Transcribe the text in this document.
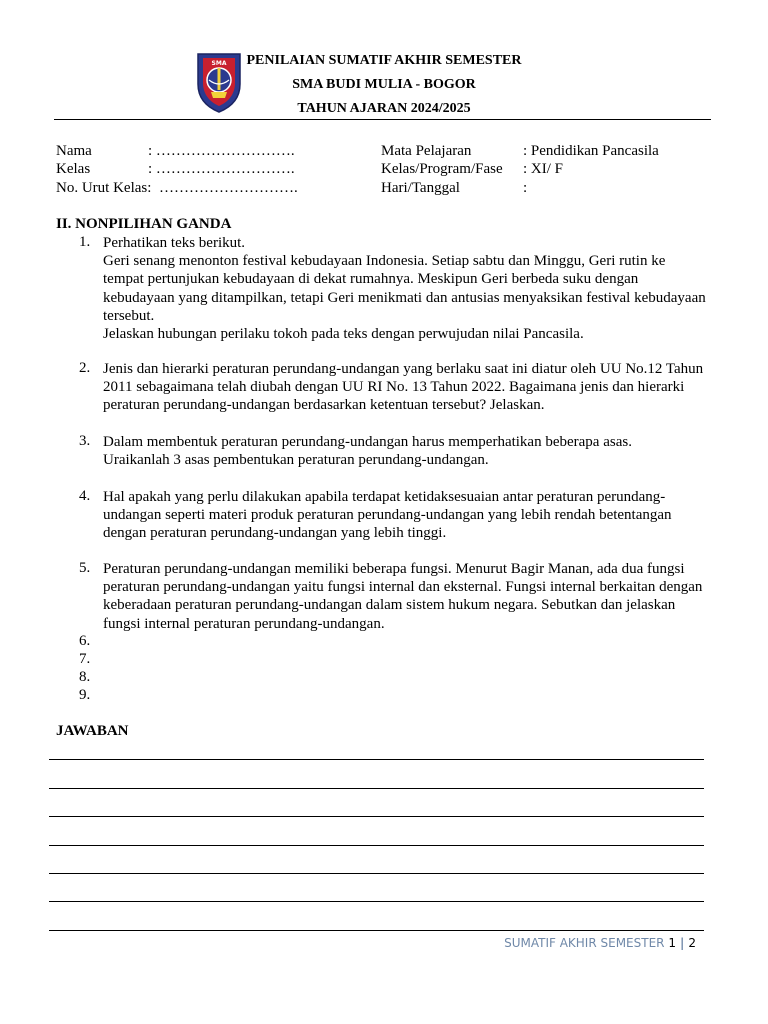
SMA	PENILAIAN SUMATIF AKHIR SEMESTER
SMA BUDI MULIA - BOGOR
TAHUN AJARAN 2024/2025
Nama	: ……………………….
Kelas	: ……………………….
No. Urut Kelas: ……………………….
Mata Pelajaran	: Pendidikan Pancasila
Kelas/Program/Fase : XI/ F
Hari/Tanggal	:
II. NONPILIHAN GANDA
1. Perhatikan teks berikut.
Geri senang menonton festival kebudayaan Indonesia. Setiap sabtu dan Minggu, Geri rutin ke tempat pertunjukan kebudayaan di dekat rumahnya. Meskipun Geri berbeda suku dengan kebudayaan yang ditampilkan, tetapi Geri menikmati dan antusias menyaksikan festival kebudayaan tersebut.
Jelaskan hubungan perilaku tokoh pada teks dengan perwujudan nilai Pancasila.
2. Jenis dan hierarki peraturan perundang-undangan yang berlaku saat ini diatur oleh UU No.12 Tahun 2011 sebagaimana telah diubah dengan UU RI No. 13 Tahun 2022. Bagaimana jenis dan hierarki peraturan perundang-undangan berdasarkan ketentuan tersebut? Jelaskan.
3. Dalam membentuk peraturan perundang-undangan harus memperhatikan beberapa asas. Uraikanlah 3 asas pembentukan peraturan perundang-undangan.
4. Hal apakah yang perlu dilakukan apabila terdapat ketidaksesuaian antar peraturan perundang-undangan seperti materi produk peraturan perundang-undangan yang lebih rendah betentangan dengan peraturan perundang-undangan yang lebih tinggi.
5. Peraturan perundang-undangan memiliki beberapa fungsi. Menurut Bagir Manan, ada dua fungsi peraturan perundang-undangan yaitu fungsi internal dan eksternal. Fungsi internal berkaitan dengan keberadaan peraturan perundang-undangan dalam sistem hukum negara. Sebutkan dan jelaskan fungsi internal peraturan perundang-undangan.
6.
7.
8.
9.
JAWABAN
SUMATIF AKHIR SEMESTER 1 | 2
